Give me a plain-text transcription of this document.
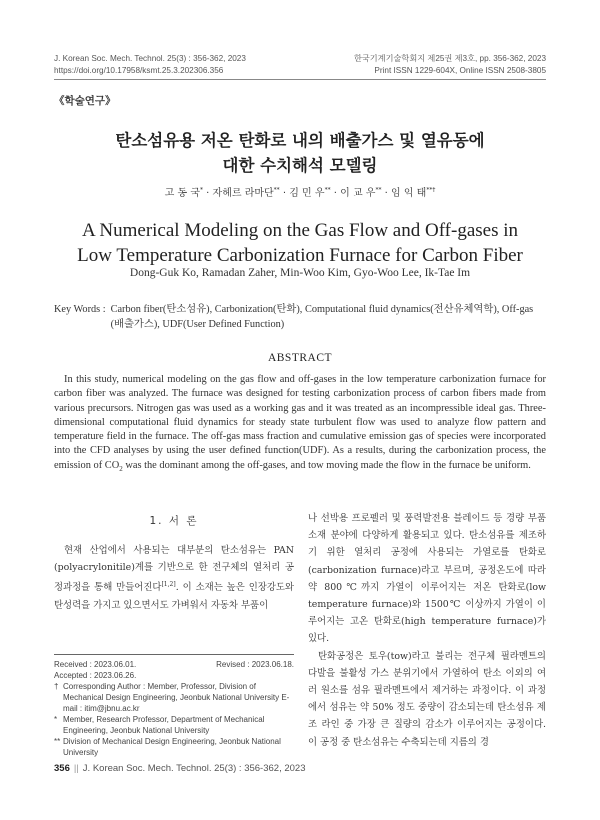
J. Korean Soc. Mech. Technol. 25(3) : 356-362, 2023
https://doi.org/10.17958/ksmt.25.3.202306.356
한국기계기술학회지 제25권 제3호, pp. 356-362, 2023
Print ISSN 1229-604X, Online ISSN 2508-3805
《학술연구》
탄소섬유용 저온 탄화로 내의 배출가스 및 열유동에
대한 수치해석 모델링
고 동 국* · 자헤르 라마단** · 김 민 우** · 이 교 우** · 임 익 태**†
A Numerical Modeling on the Gas Flow and Off-gases in
Low Temperature Carbonization Furnace for Carbon Fiber
Dong-Guk Ko, Ramadan Zaher, Min-Woo Kim, Gyo-Woo Lee, Ik-Tae Im
Key Words : Carbon fiber(탄소섬유), Carbonization(탄화), Computational fluid dynamics(전산유체역학), Off-gas (배출가스), UDF(User Defined Function)
ABSTRACT
In this study, numerical modeling on the gas flow and off-gases in the low temperature carbonization furnace for carbon fiber was analyzed. The furnace was designed for testing carbonization process of carbon fibers made from various precursors. Nitrogen gas was used as a working gas and it was treated as an incompressible ideal gas. Three-dimensional computational fluid dynamics for steady state turbulent flow was used to analyze flow pattern and temperature field in the furnace. The off-gas mass fraction and cumulative emission gas of species were incorporated into the CFD analyses by using the user defined function(UDF). As a results, during the carbonization process, the emission of $CO_2$ was the dominant among the off-gases, and tow moving made the flow in the furnace be uniform.
1. 서 론
현재 산업에서 사용되는 대부분의 탄소섬유는 PAN (polyacrylonitile)계를 기반으로 한 전구체의 열처리 공정과정을 통해 만들어진다[1,2]. 이 소재는 높은 인장강도와 탄성력을 가지고 있으면서도 가벼워서 자동차 부품이

나 선박용 프로펠러 및 풍력발전용 블레이드 등 경량 부품소재 분야에 다양하게 활용되고 있다. 탄소섬유를 제조하기 위한 열처리 공정에 사용되는 가열로를 탄화로(carbonization furnace)라고 부르며, 공정온도에 따라 약 800℃까지 가열이 이루어지는 저온 탄화로(low temperature furnace)와 1500℃ 이상까지 가열이 이루어지는 고온 탄화로(high temperature furnace)가 있다.

탄화공정은 토우(tow)라고 불리는 전구체 필라멘트의 다발을 불활성 가스 분위기에서 가열하여 탄소 이외의 여러 원소를 섬유 필라멘트에서 제거하는 과정이다. 이 과정에서 섬유는 약 50% 정도 중량이 감소되는데 탄소섬유 제조 라인 중 가장 큰 질량의 감소가 이루어지는 공정이다. 이 공정 중 탄소섬유는 수축되는데 지름의 경

Received : 2023.06.01.	Revised : 2023.06.18.
Accepted : 2023.06.26.
† Corresponding Author : Member, Professor, Division of Mechanical Design Engineering, Jeonbuk National University E-mail : itim@jbnu.ac.kr
* Member, Research Professor, Department of Mechanical Engineering, Jeonbuk National University
** Division of Mechanical Design Engineering, Jeonbuk National University
356 || J. Korean Soc. Mech. Technol. 25(3) : 356-362, 2023
